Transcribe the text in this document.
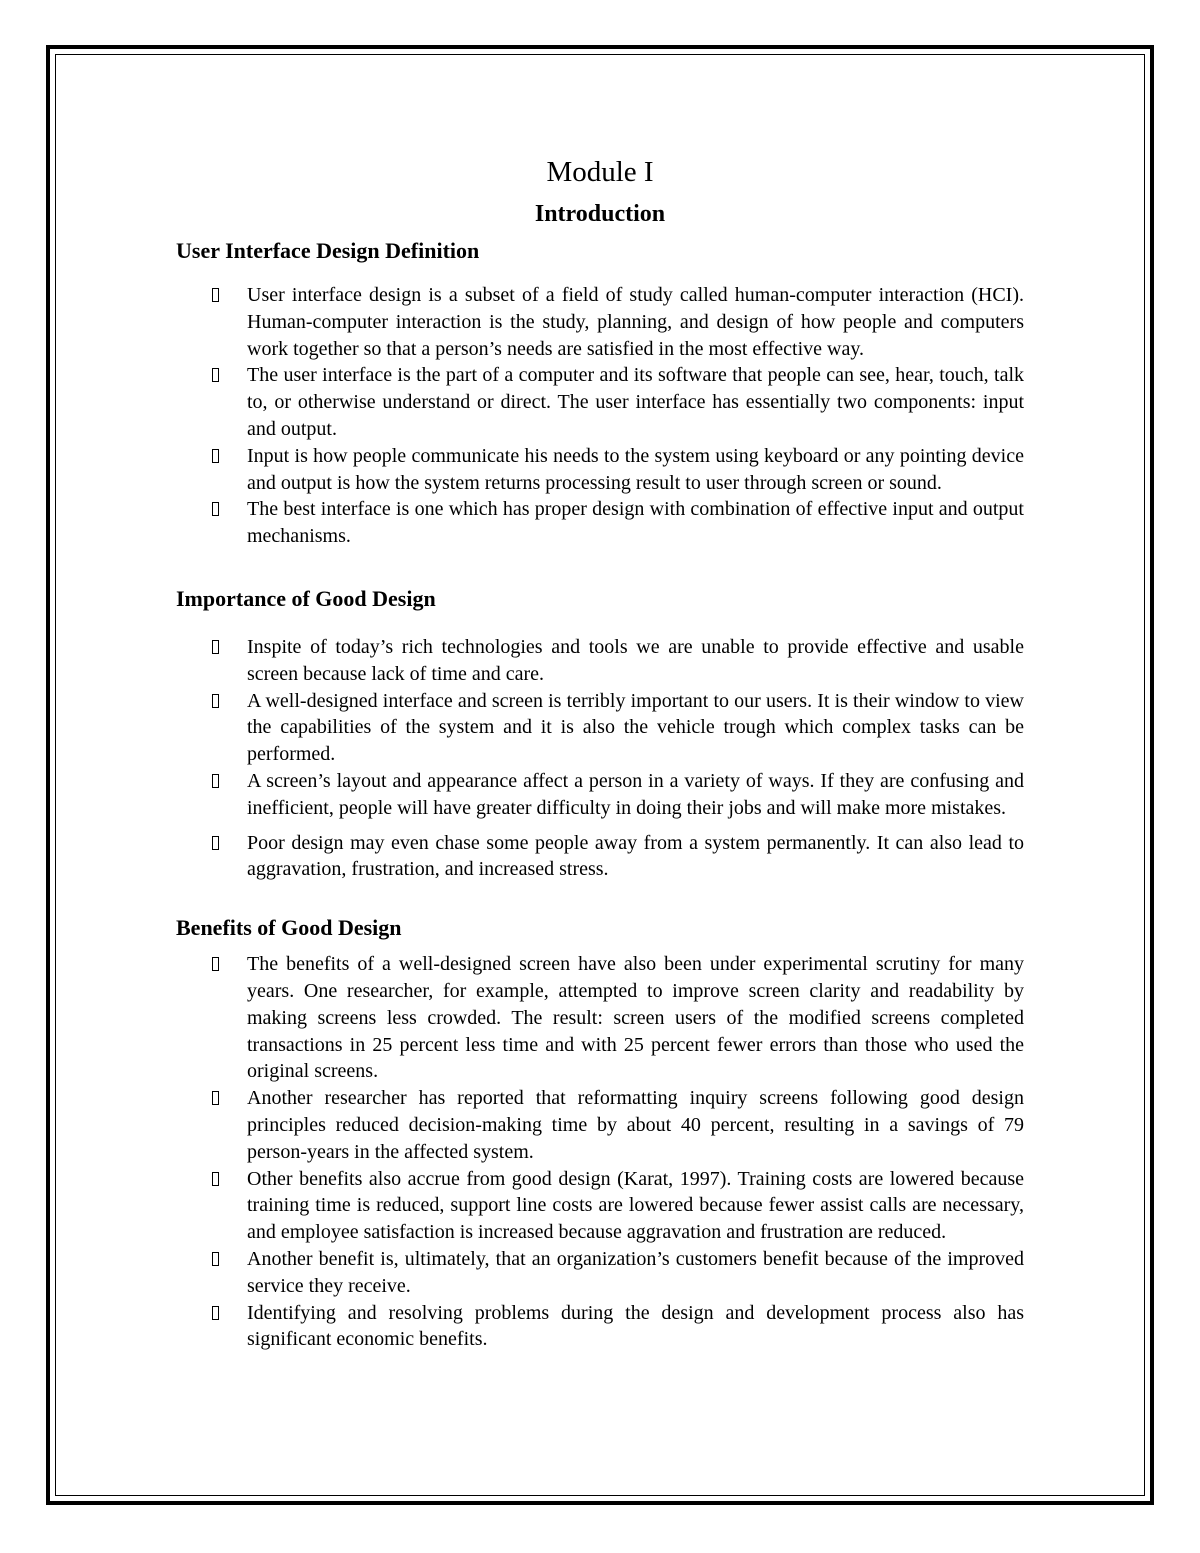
Module I
Introduction
User Interface Design Definition
User interface design is a subset of a field of study called human-computer interaction (HCI). Human-computer interaction is the study, planning, and design of how people and computers work together so that a person’s needs are satisfied in the most effective way.
The user interface is the part of a computer and its software that people can see, hear, touch, talk to, or otherwise understand or direct. The user interface has essentially two components: input and output.
Input is how people communicate his needs to the system using keyboard or any pointing device and output is how the system returns processing result to user through screen or sound.
The best interface is one which has proper design with combination of effective input and output mechanisms.
Importance of Good Design
Inspite of today’s rich technologies and tools we are unable to provide effective and usable screen because lack of time and care.
A well-designed interface and screen is terribly important to our users. It is their window to view the capabilities of the system and it is also the vehicle trough which complex tasks can be performed.
A screen’s layout and appearance affect a person in a variety of ways. If they are confusing and inefficient, people will have greater difficulty in doing their jobs and will make more mistakes.
Poor design may even chase some people away from a system permanently. It can also lead to aggravation, frustration, and increased stress.
Benefits of Good Design
The benefits of a well-designed screen have also been under experimental scrutiny for many years. One researcher, for example, attempted to improve screen clarity and readability by making screens less crowded. The result: screen users of the modified screens completed transactions in 25 percent less time and with 25 percent fewer errors than those who used the original screens.
Another researcher has reported that reformatting inquiry screens following good design principles reduced decision-making time by about 40 percent, resulting in a savings of 79 person-years in the affected system.
Other benefits also accrue from good design (Karat, 1997). Training costs are lowered because training time is reduced, support line costs are lowered because fewer assist calls are necessary, and employee satisfaction is increased because aggravation and frustration are reduced.
Another benefit is, ultimately, that an organization’s customers benefit because of the improved service they receive.
Identifying and resolving problems during the design and development process also has significant economic benefits.
